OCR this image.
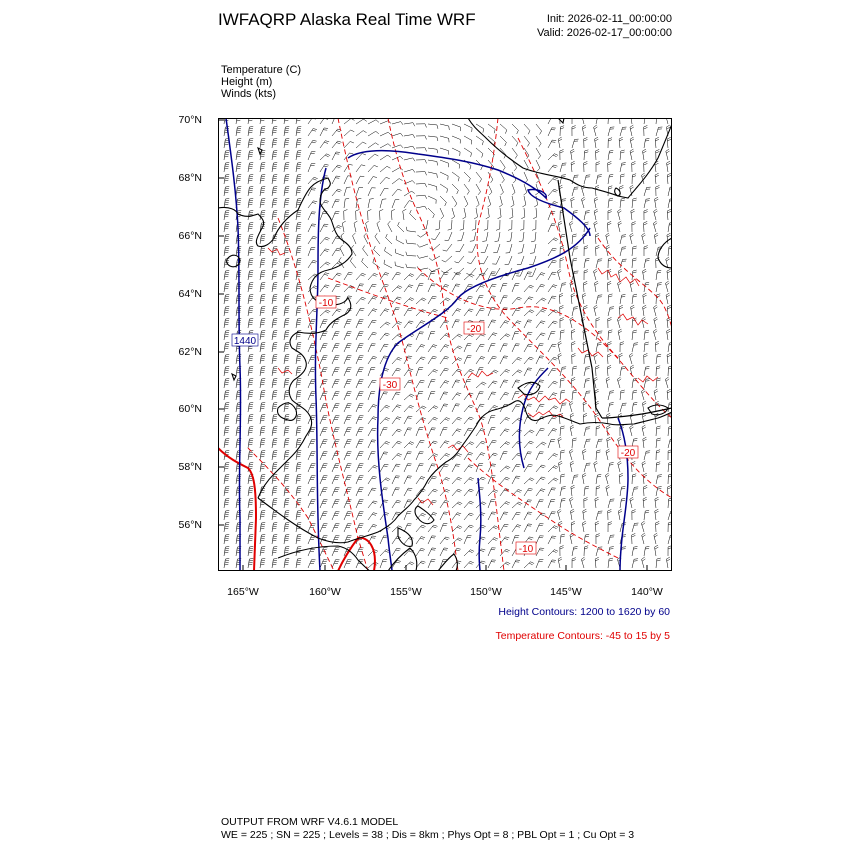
IWFAQRP Alaska Real Time WRF	Init: 2026-02-11_00:00:00
Valid: 2026-02-17_00:00:00
Temperature (C)
Height (m)
Winds (kts)
1440
-10
-20
-30
-20
-10
70°N
68°N
66°N
64°N
62°N
60°N
58°N
56°N
165°W	160°W	155°W	150°W	145°W	140°W
Height Contours: 1200 to 1620 by 60
Temperature Contours: -45 to 15 by 5
OUTPUT FROM WRF V4.6.1 MODEL
WE = 225 ; SN = 225 ; Levels = 38 ; Dis = 8km ; Phys Opt = 8 ; PBL Opt = 1 ; Cu Opt = 3
